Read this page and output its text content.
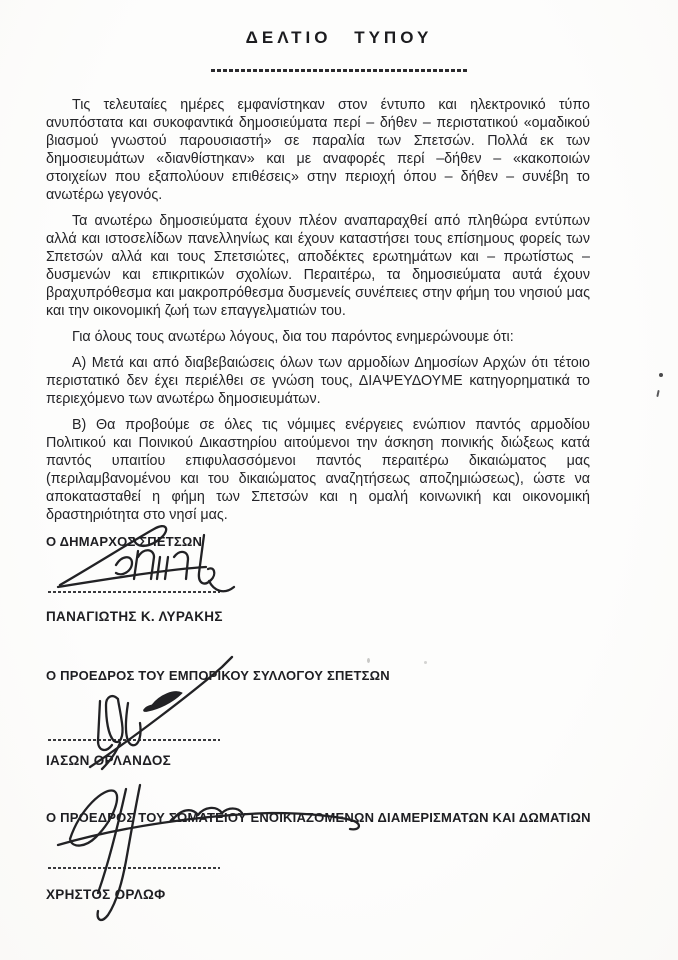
ΔΕΛΤΙΟ ΤΥΠΟΥ

Τις τελευταίες ημέρες εμφανίστηκαν στον έντυπο και ηλεκτρονικό τύπο ανυπόστατα και συκοφαντικά δημοσιεύματα περί – δήθεν – περιστατικού «ομαδικού βιασμού γνωστού παρουσιαστή» σε παραλία των Σπετσών. Πολλά εκ των δημοσιευμάτων «διανθίστηκαν» και με αναφορές περί –δήθεν – «κακοποιών στοιχείων που εξαπολύουν επιθέσεις» στην περιοχή όπου – δήθεν – συνέβη το ανωτέρω γεγονός.

Τα ανωτέρω δημοσιεύματα έχουν πλέον αναπαραχθεί από πληθώρα εντύπων αλλά και ιστοσελίδων πανελληνίως και έχουν καταστήσει τους επίσημους φορείς των Σπετσών αλλά και τους Σπετσιώτες, αποδέκτες ερωτημάτων και – πρωτίστως – δυσμενών και επικριτικών σχολίων. Περαιτέρω, τα δημοσιεύματα αυτά έχουν βραχυπρόθεσμα και μακροπρόθεσμα δυσμενείς συνέπειες στην φήμη του νησιού μας και την οικονομική ζωή των επαγγελματιών του.

Για όλους τους ανωτέρω λόγους, δια του παρόντος ενημερώνουμε ότι:

Α) Μετά και από διαβεβαιώσεις όλων των αρμοδίων Δημοσίων Αρχών ότι τέτοιο περιστατικό δεν έχει περιέλθει σε γνώση τους, ΔΙΑΨΕΥΔΟΥΜΕ κατηγορηματικά το περιεχόμενο των ανωτέρω δημοσιευμάτων.

Β) Θα προβούμε σε όλες τις νόμιμες ενέργειες ενώπιον παντός αρμοδίου Πολιτικού και Ποινικού Δικαστηρίου αιτούμενοι την άσκηση ποινικής διώξεως κατά παντός υπαιτίου επιφυλασσόμενοι παντός περαιτέρω δικαιώματος μας (περιλαμβανομένου και του δικαιώματος αναζητήσεως αποζημιώσεως), ώστε να αποκατασταθεί η φήμη των Σπετσών και η ομαλή κοινωνική και οικονομική δραστηριότητα στο νησί μας.

Ο ΔΗΜΑΡΧΟΣ ΣΠΕΤΣΩΝ
ΠΑΝΑΓΙΩΤΗΣ Κ. ΛΥΡΑΚΗΣ
Ο ΠΡΟΕΔΡΟΣ ΤΟΥ ΕΜΠΟΡΙΚΟΥ ΣΥΛΛΟΓΟΥ ΣΠΕΤΣΩΝ
ΙΑΣΩΝ ΟΡΛΑΝΔΟΣ
Ο ΠΡΟΕΔΡΟΣ ΤΟΥ ΣΩΜΑΤΕΙΟΥ ΕΝΟΙΚΙΑΖΟΜΕΝΩΝ ΔΙΑΜΕΡΙΣΜΑΤΩΝ ΚΑΙ ΔΩΜΑΤΙΩΝ
ΧΡΗΣΤΟΣ ΟΡΛΩΦ
